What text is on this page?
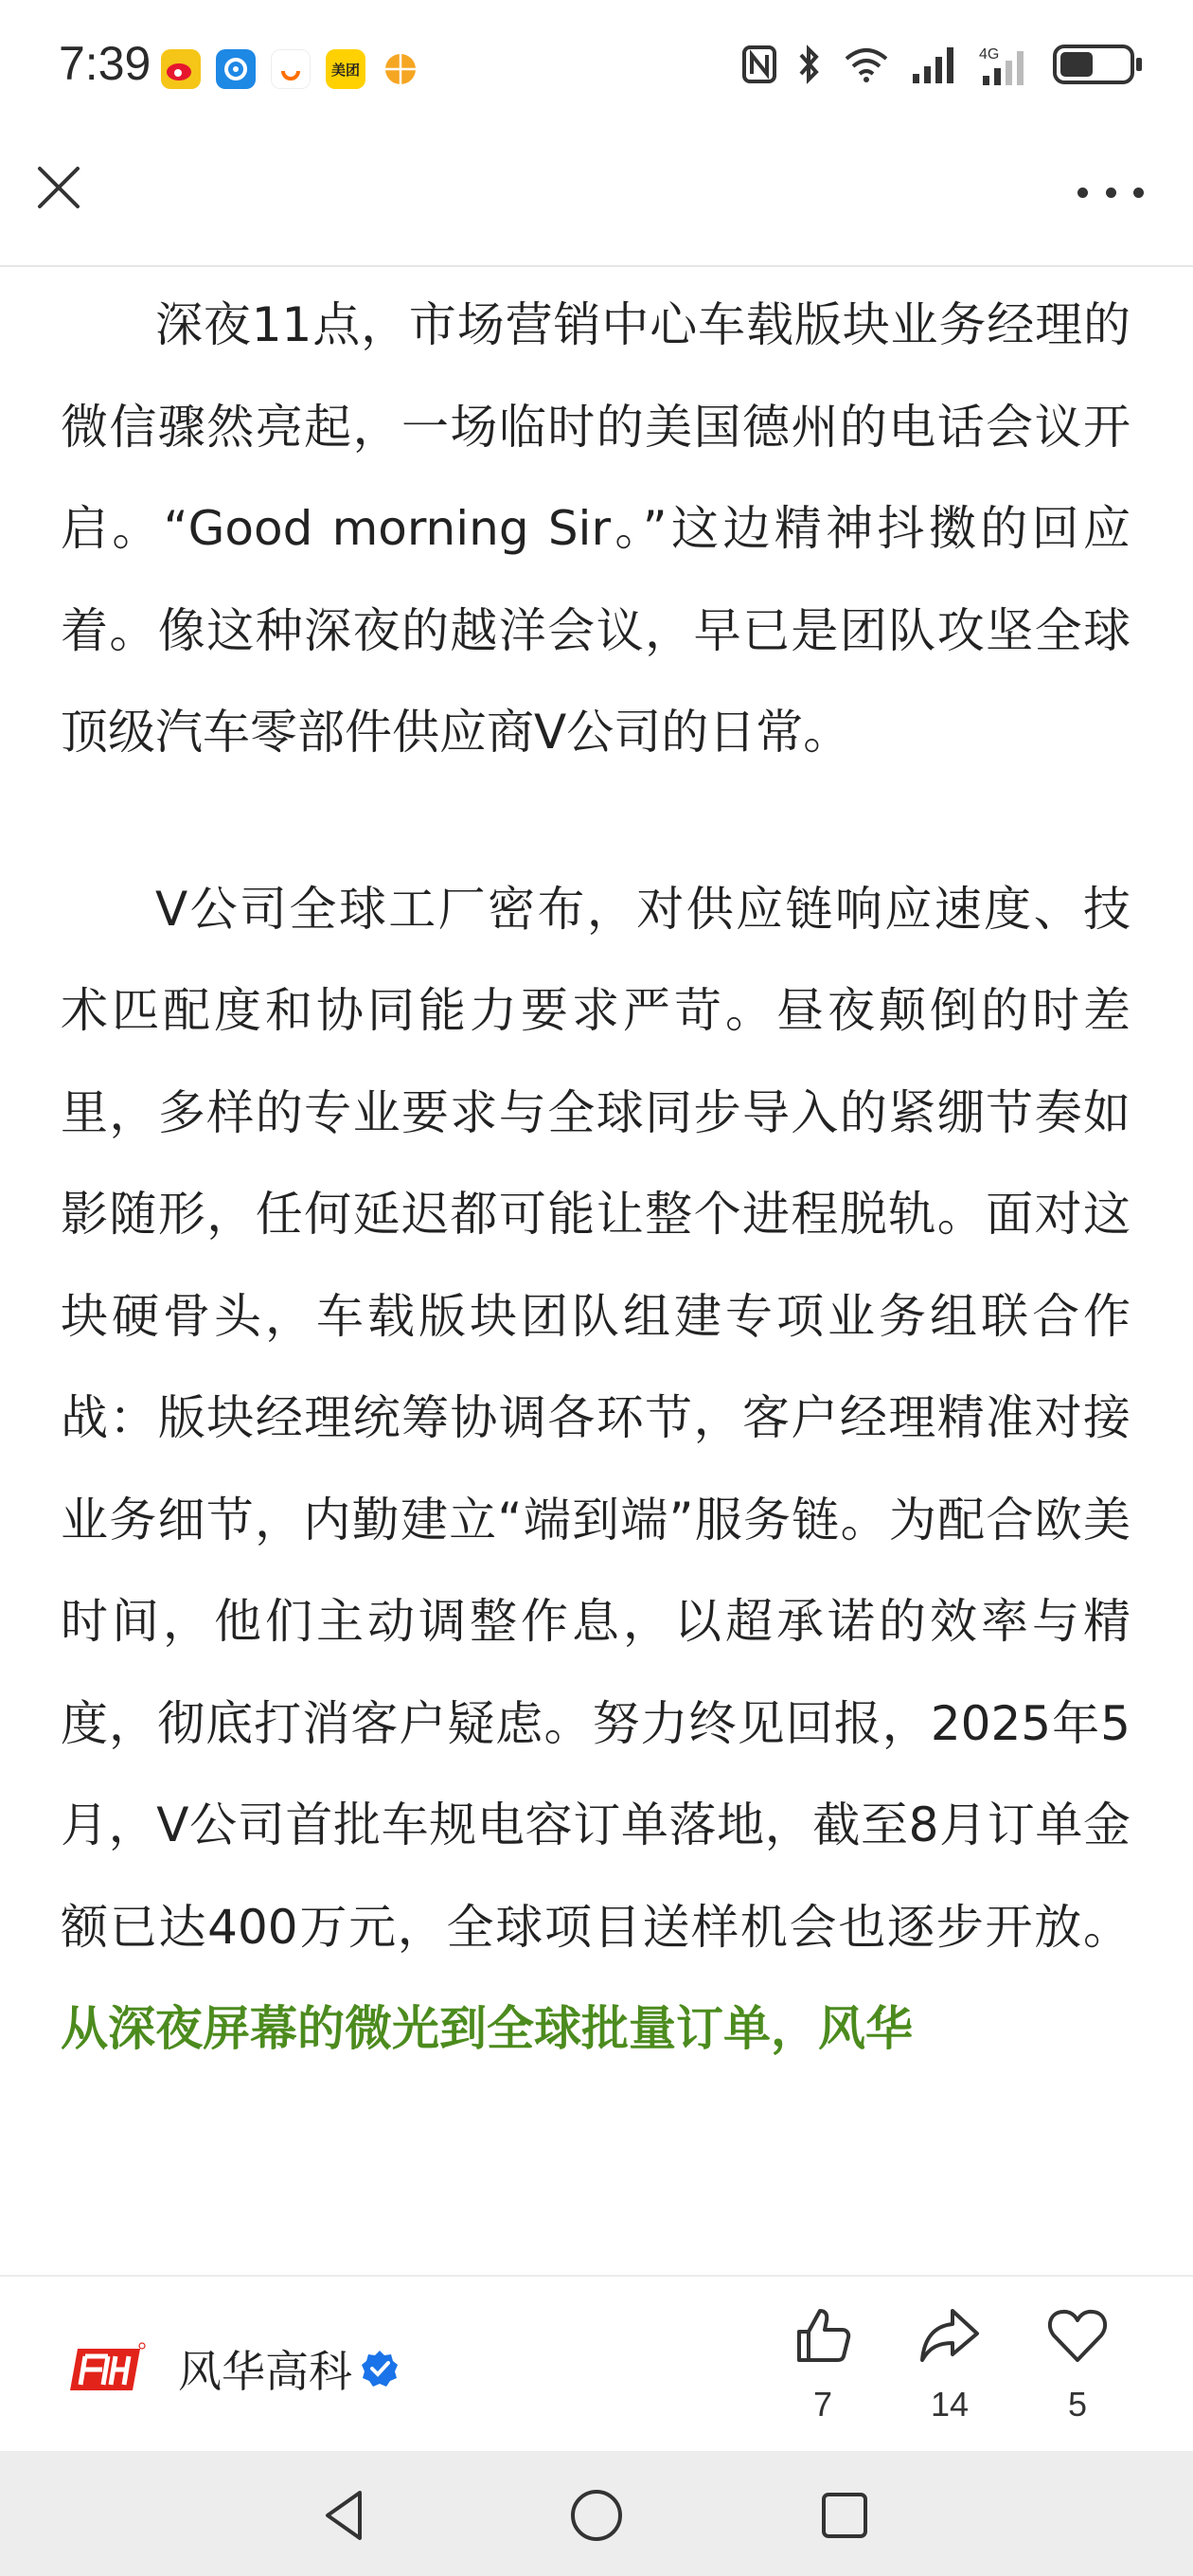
7:39	美团
4G

深夜11点，市场营销中心车载版块业务经理的微信骤然亮起，一场临时的美国德州的电话会议开启。“Good morning Sir。”这边精神抖擞的回应着。像这种深夜的越洋会议，早已是团队攻坚全球顶级汽车零部件供应商V公司的日常。

V公司全球工厂密布，对供应链响应速度、技术匹配度和协同能力要求严苛。昼夜颠倒的时差里，多样的专业要求与全球同步导入的紧绷节奏如影随形，任何延迟都可能让整个进程脱轨。面对这块硬骨头，车载版块团队组建专项业务组联合作战：版块经理统筹协调各环节，客户经理精准对接业务细节，内勤建立“端到端”服务链。为配合欧美时间，他们主动调整作息，以超承诺的效率与精度，彻底打消客户疑虑。努力终见回报，2025年5月，V公司首批车规电容订单落地，截至8月订单金额已达400万元，全球项目送样机会也逐步开放。从深夜屏幕的微光到全球批量订单，风华

风华高科
7	14	5
